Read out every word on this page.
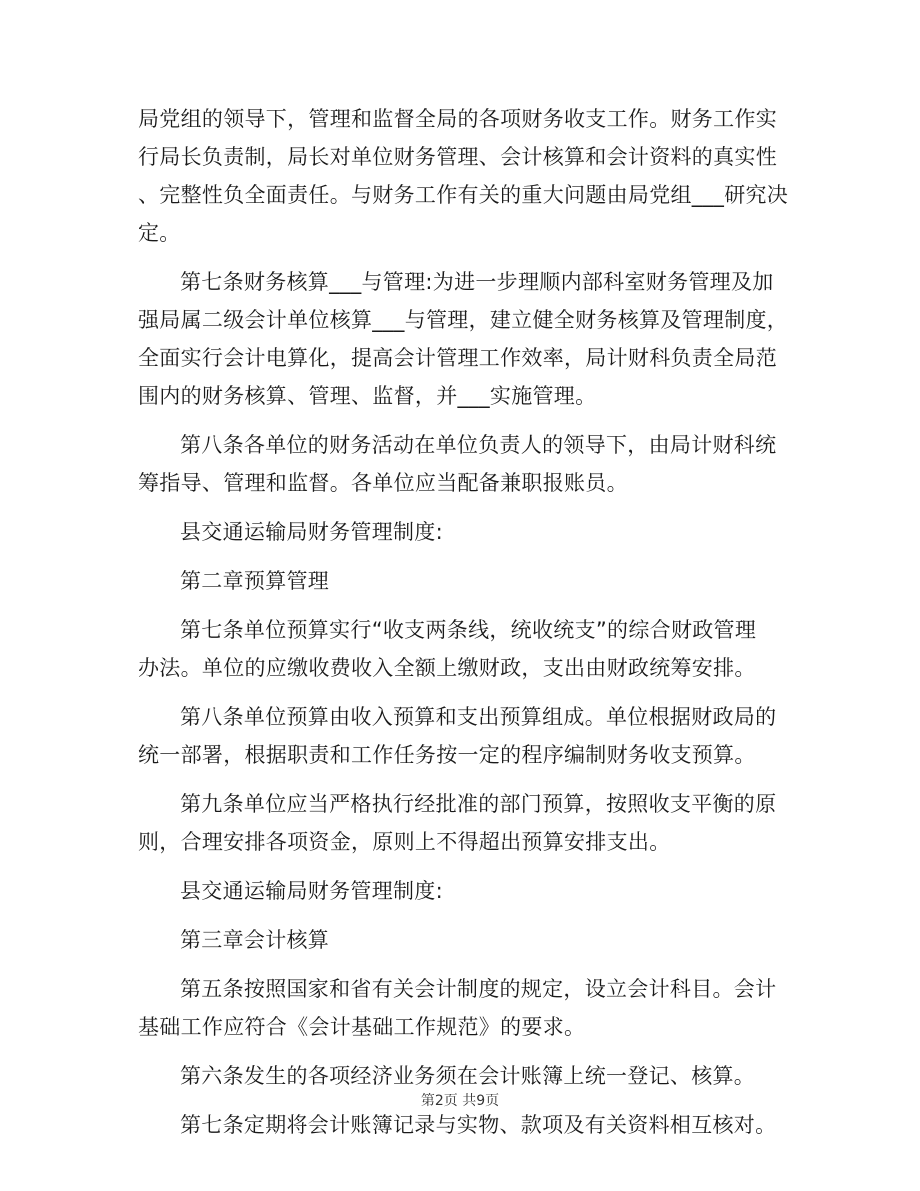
局党组的领导下，管理和监督全局的各项财务收支工作。财务工作实
行局长负责制，局长对单位财务管理、会计核算和会计资料的真实性
、完整性负全面责任。与财务工作有关的重大问题由局党组___研究决
定。
第七条财务核算___与管理:为进一步理顺内部科室财务管理及加
强局属二级会计单位核算___与管理，建立健全财务核算及管理制度，
全面实行会计电算化，提高会计管理工作效率，局计财科负责全局范
围内的财务核算、管理、监督，并___实施管理。
第八条各单位的财务活动在单位负责人的领导下，由局计财科统
筹指导、管理和监督。各单位应当配备兼职报账员。
县交通运输局财务管理制度:
第二章预算管理
第七条单位预算实行“收支两条线，统收统支”的综合财政管理
办法。单位的应缴收费收入全额上缴财政，支出由财政统筹安排。
第八条单位预算由收入预算和支出预算组成。单位根据财政局的
统一部署，根据职责和工作任务按一定的程序编制财务收支预算。
第九条单位应当严格执行经批准的部门预算，按照收支平衡的原
则，合理安排各项资金，原则上不得超出预算安排支出。
县交通运输局财务管理制度:
第三章会计核算
第五条按照国家和省有关会计制度的规定，设立会计科目。会计
基础工作应符合《会计基础工作规范》的要求。
第六条发生的各项经济业务须在会计账簿上统一登记、核算。
第七条定期将会计账簿记录与实物、款项及有关资料相互核对。
第2页 共9页
